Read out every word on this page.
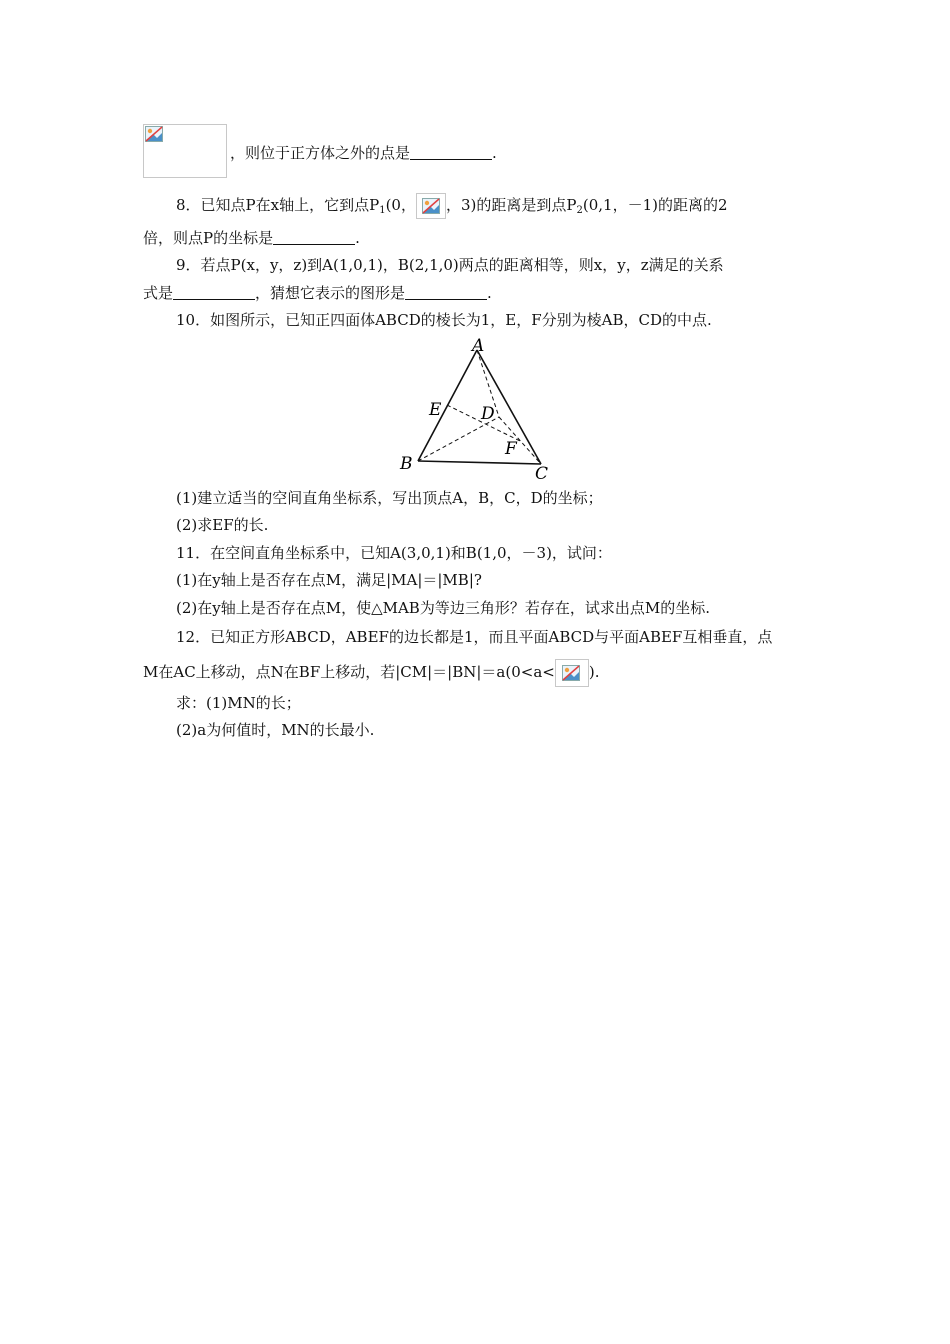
，则位于正方体之外的点是	.
8．已知点P在x轴上，它到点$P_1(0$， ，3)的距离是到点$P_2(0,1$，－1)的距离的2
倍，则点P的坐标是	.
9．若点P(x，y，z)到A(1,0,1)，B(2,1,0)两点的距离相等，则x，y，z满足的关系
式是	，猜想它表示的图形是	.
10．如图所示，已知正四面体ABCD的棱长为1，E，F分别为棱AB，CD的中点.
A
B	C
D
E
F
(1)建立适当的空间直角坐标系，写出顶点A，B，C，D的坐标；
(2)求EF的长.
11．在空间直角坐标系中，已知A(3,0,1)和B(1,0，－3)，试问：
(1)在y轴上是否存在点M，满足|MA|＝|MB|?
(2)在y轴上是否存在点M，使△MAB为等边三角形？若存在，试求出点M的坐标.
12．已知正方形ABCD，ABEF的边长都是1，而且平面ABCD与平面ABEF互相垂直，点
M在AC上移动，点N在BF上移动，若|CM|＝|BN|＝a(0<a< ).
求：(1)MN的长；
(2)a为何值时，MN的长最小.
